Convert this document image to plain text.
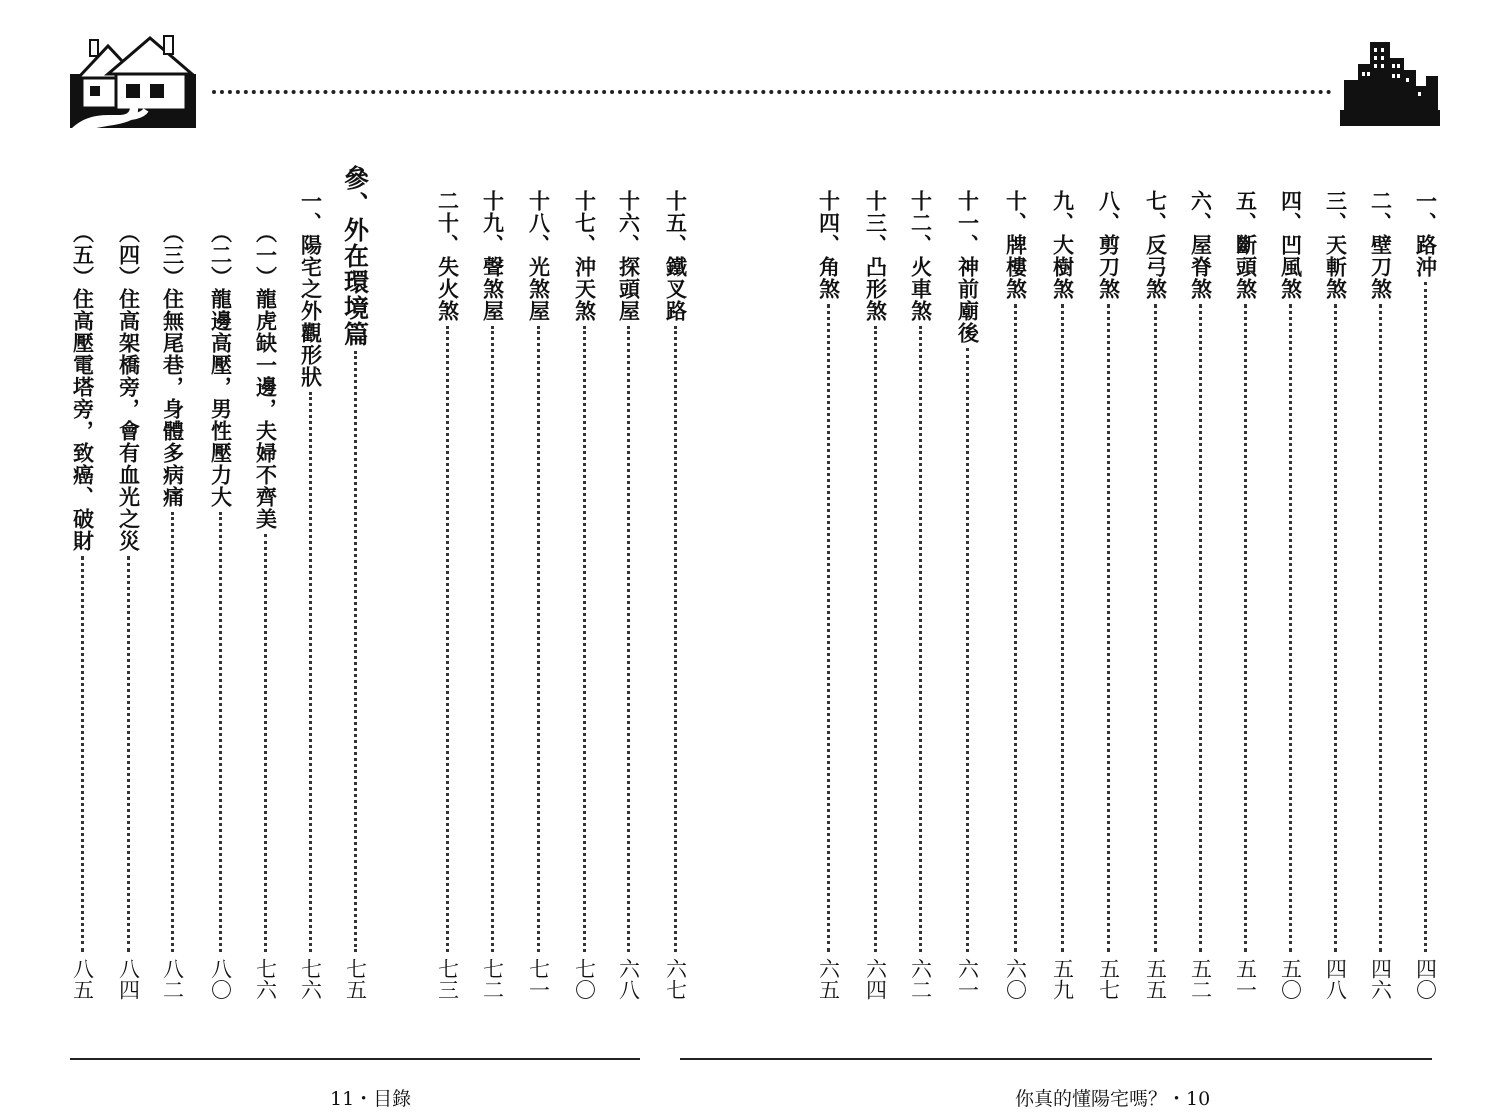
一、路沖
四〇
二、壁刀煞
四六
三、天斬煞
四八
四、凹風煞
五〇
五、斷頭煞
五一
六、屋脊煞
五二
七、反弓煞
五五
八、剪刀煞
五七
九、大樹煞
五九
十、牌樓煞
六〇
十一、神前廟後
六一
十二、火車煞
六二
十三、凸形煞
六四
十四、角煞
六五
十五、鐵叉路
六七
十六、探頭屋
六八
十七、沖天煞
七〇
十八、光煞屋
七一
十九、聲煞屋
七二
二十、失火煞
七三
參、外在環境篇
七五
一、陽宅之外觀形狀
七六
（一）龍虎缺一邊，夫婦不齊美
七六
（二）龍邊高壓，男性壓力大
八〇
（三）住無尾巷，身體多病痛
八二
（四）住高架橋旁，會有血光之災
八四
（五）住高壓電塔旁，致癌、破財
八五
11・目錄	你真的懂陽宅嗎？・10
